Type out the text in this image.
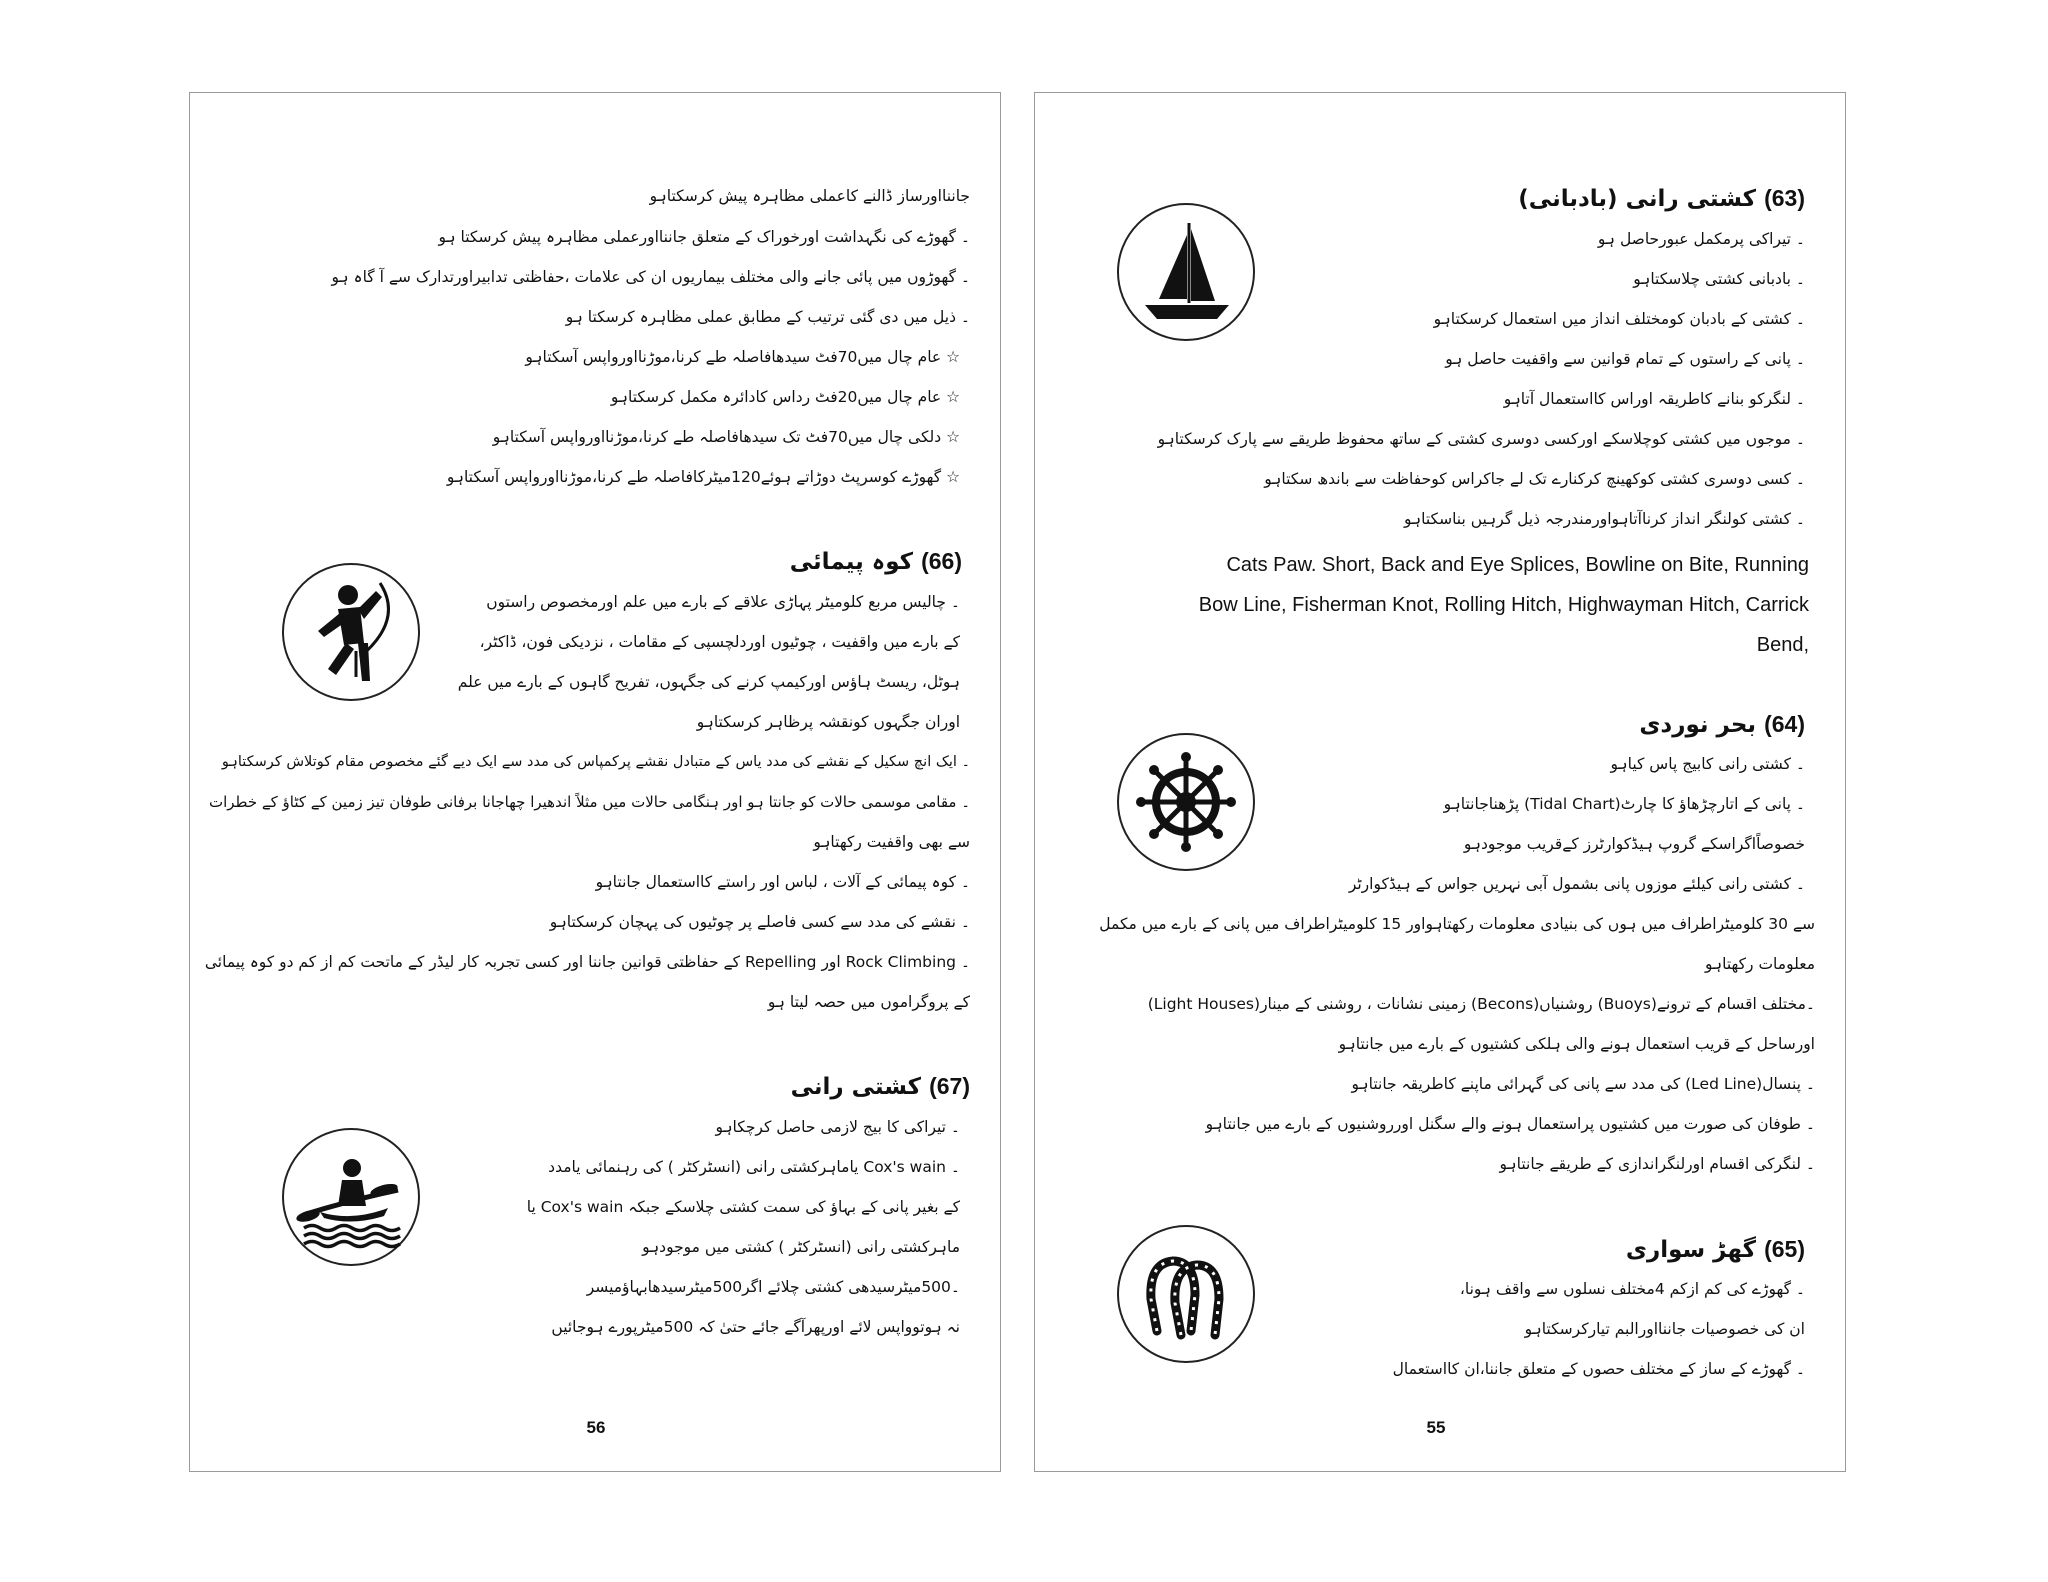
جاننااورساز ڈالنے کاعملی مظاہرہ پیش کرسکتاہو
۔ گھوڑے کی نگہداشت اورخوراک کے متعلق جاننااورعملی مظاہرہ پیش کرسکتا ہو
۔ گھوڑوں میں پائی جانے والی مختلف بیماریوں ان کی علامات ،حفاظتی تدابیراورتدارک سے آ گاہ ہو
۔ ذیل میں دی گئی ترتیب کے مطابق عملی مظاہرہ کرسکتا ہو
☆ عام چال میں70فٹ سیدھافاصلہ طے کرنا،موڑنااورواپس آسکتاہو
☆ عام چال میں20فٹ رداس کادائرہ مکمل کرسکتاہو
☆ دلکی چال میں70فٹ تک سیدھافاصلہ طے کرنا،موڑنااورواپس آسکتاہو
☆ گھوڑے کوسرپٹ دوڑاتے ہوئے120میٹرکافاصلہ طے کرنا،موڑنااورواپس آسکتاہو
(66) کوہ پیمائی
۔ چالیس مربع کلومیٹر پہاڑی علاقے کے بارے میں علم اورمخصوص راستوں
کے بارے میں واقفیت ، چوٹیوں اوردلچسپی کے مقامات ، نزدیکی فون، ڈاکٹر،
ہوٹل، ریسٹ ہاؤس اورکیمپ کرنے کی جگہوں، تفریح گاہوں کے بارے میں علم
اوران جگہوں کونقشہ پرظاہر کرسکتاہو
۔ ایک انچ سکیل کے نقشے کی مدد یاس کے متبادل نقشے پرکمپاس کی مدد سے ایک دیے گئے مخصوص مقام کوتلاش کرسکتاہو
۔ مقامی موسمی حالات کو جانتا ہو اور ہنگامی حالات میں مثلاً اندھیرا چھاجانا برفانی طوفان تیز زمین کے کٹاؤ کے خطرات
سے بھی واقفیت رکھتاہو
۔ کوہ پیمائی کے آلات ، لباس اور راستے کااستعمال جانتاہو
۔ نقشے کی مدد سے کسی فاصلے پر چوٹیوں کی پہچان کرسکتاہو
۔ Rock Climbing اور Repelling کے حفاظتی قوانین جاننا اور کسی تجربہ کار لیڈر کے ماتحت کم از کم دو کوہ پیمائی
کے پروگراموں میں حصہ لیتا ہو
(67) کشتی رانی
۔ تیراکی کا بیج لازمی حاصل کرچکاہو
۔ Cox's wain یاماہرکشتی رانی (انسٹرکٹر ) کی رہنمائی یامدد
کے بغیر پانی کے بہاؤ کی سمت کشتی چلاسکے جبکہ Cox's wain یا
ماہرکشتی رانی (انسٹرکٹر ) کشتی میں موجودہو
۔500میٹرسیدھی کشتی چلائے اگر500میٹرسیدھابہاؤمیسر
نہ ہوتوواپس لائے اورپھرآگے جائے حتیٰ کہ 500میٹرپورے ہوجائیں
56
(63) کشتی رانی (بادبانی)
۔ تیراکی پرمکمل عبورحاصل ہو
۔ بادبانی کشتی چلاسکتاہو
۔ کشتی کے بادبان کومختلف انداز میں استعمال کرسکتاہو
۔ پانی کے راستوں کے تمام قوانین سے واقفیت حاصل ہو
۔ لنگرکو بنانے کاطریقہ اوراس کااستعمال آتاہو
۔ موجوں میں کشتی کوچلاسکے اورکسی دوسری کشتی کے ساتھ محفوظ طریقے سے پارک کرسکتاہو
۔ کسی دوسری کشتی کوکھینچ کرکنارے تک لے جاکراس کوحفاظت سے باندھ سکتاہو
۔ کشتی کولنگر انداز کرناآتاہواورمندرجہ ذیل گرہیں بناسکتاہو
Cats Paw. Short, Back and Eye Splices, Bowline on Bite, Running
Bow Line, Fisherman Knot, Rolling Hitch, Highwayman Hitch, Carrick
Bend,
(64) بحر نوردی
۔ کشتی رانی کابیج پاس کیاہو
۔ پانی کے اتارچڑھاؤ کا چارٹ(Tidal Chart) پڑھناجانتاہو
خصوصاًاگراسکے گروپ ہیڈکوارٹرز کےقریب موجودہو
۔ کشتی رانی کیلئے موزوں پانی بشمول آبی نہریں جواس کے ہیڈکوارٹر
سے 30 کلومیٹراطراف میں ہوں کی بنیادی معلومات رکھتاہواور 15 کلومیٹراطراف میں پانی کے بارے میں مکمل
معلومات رکھتاہو
۔مختلف اقسام کے ترونے(Buoys) روشنیاں(Becons) زمینی نشانات ، روشنی کے مینار(Light Houses)
اورساحل کے قریب استعمال ہونے والی ہلکی کشتیوں کے بارے میں جانتاہو
۔ پنسال(Led Line) کی مدد سے پانی کی گہرائی ماپنے کاطریقہ جانتاہو
۔ طوفان کی صورت میں کشتیوں پراستعمال ہونے والے سگنل اورروشنیوں کے بارے میں جانتاہو
۔ لنگرکی اقسام اورلنگراندازی کے طریقے جانتاہو
(65) گھڑ سواری
۔ گھوڑے کی کم ازکم 4مختلف نسلوں سے واقف ہونا،
ان کی خصوصیات جاننااورالبم تیارکرسکتاہو
۔ گھوڑے کے ساز کے مختلف حصوں کے متعلق جاننا،ان کااستعمال
55
